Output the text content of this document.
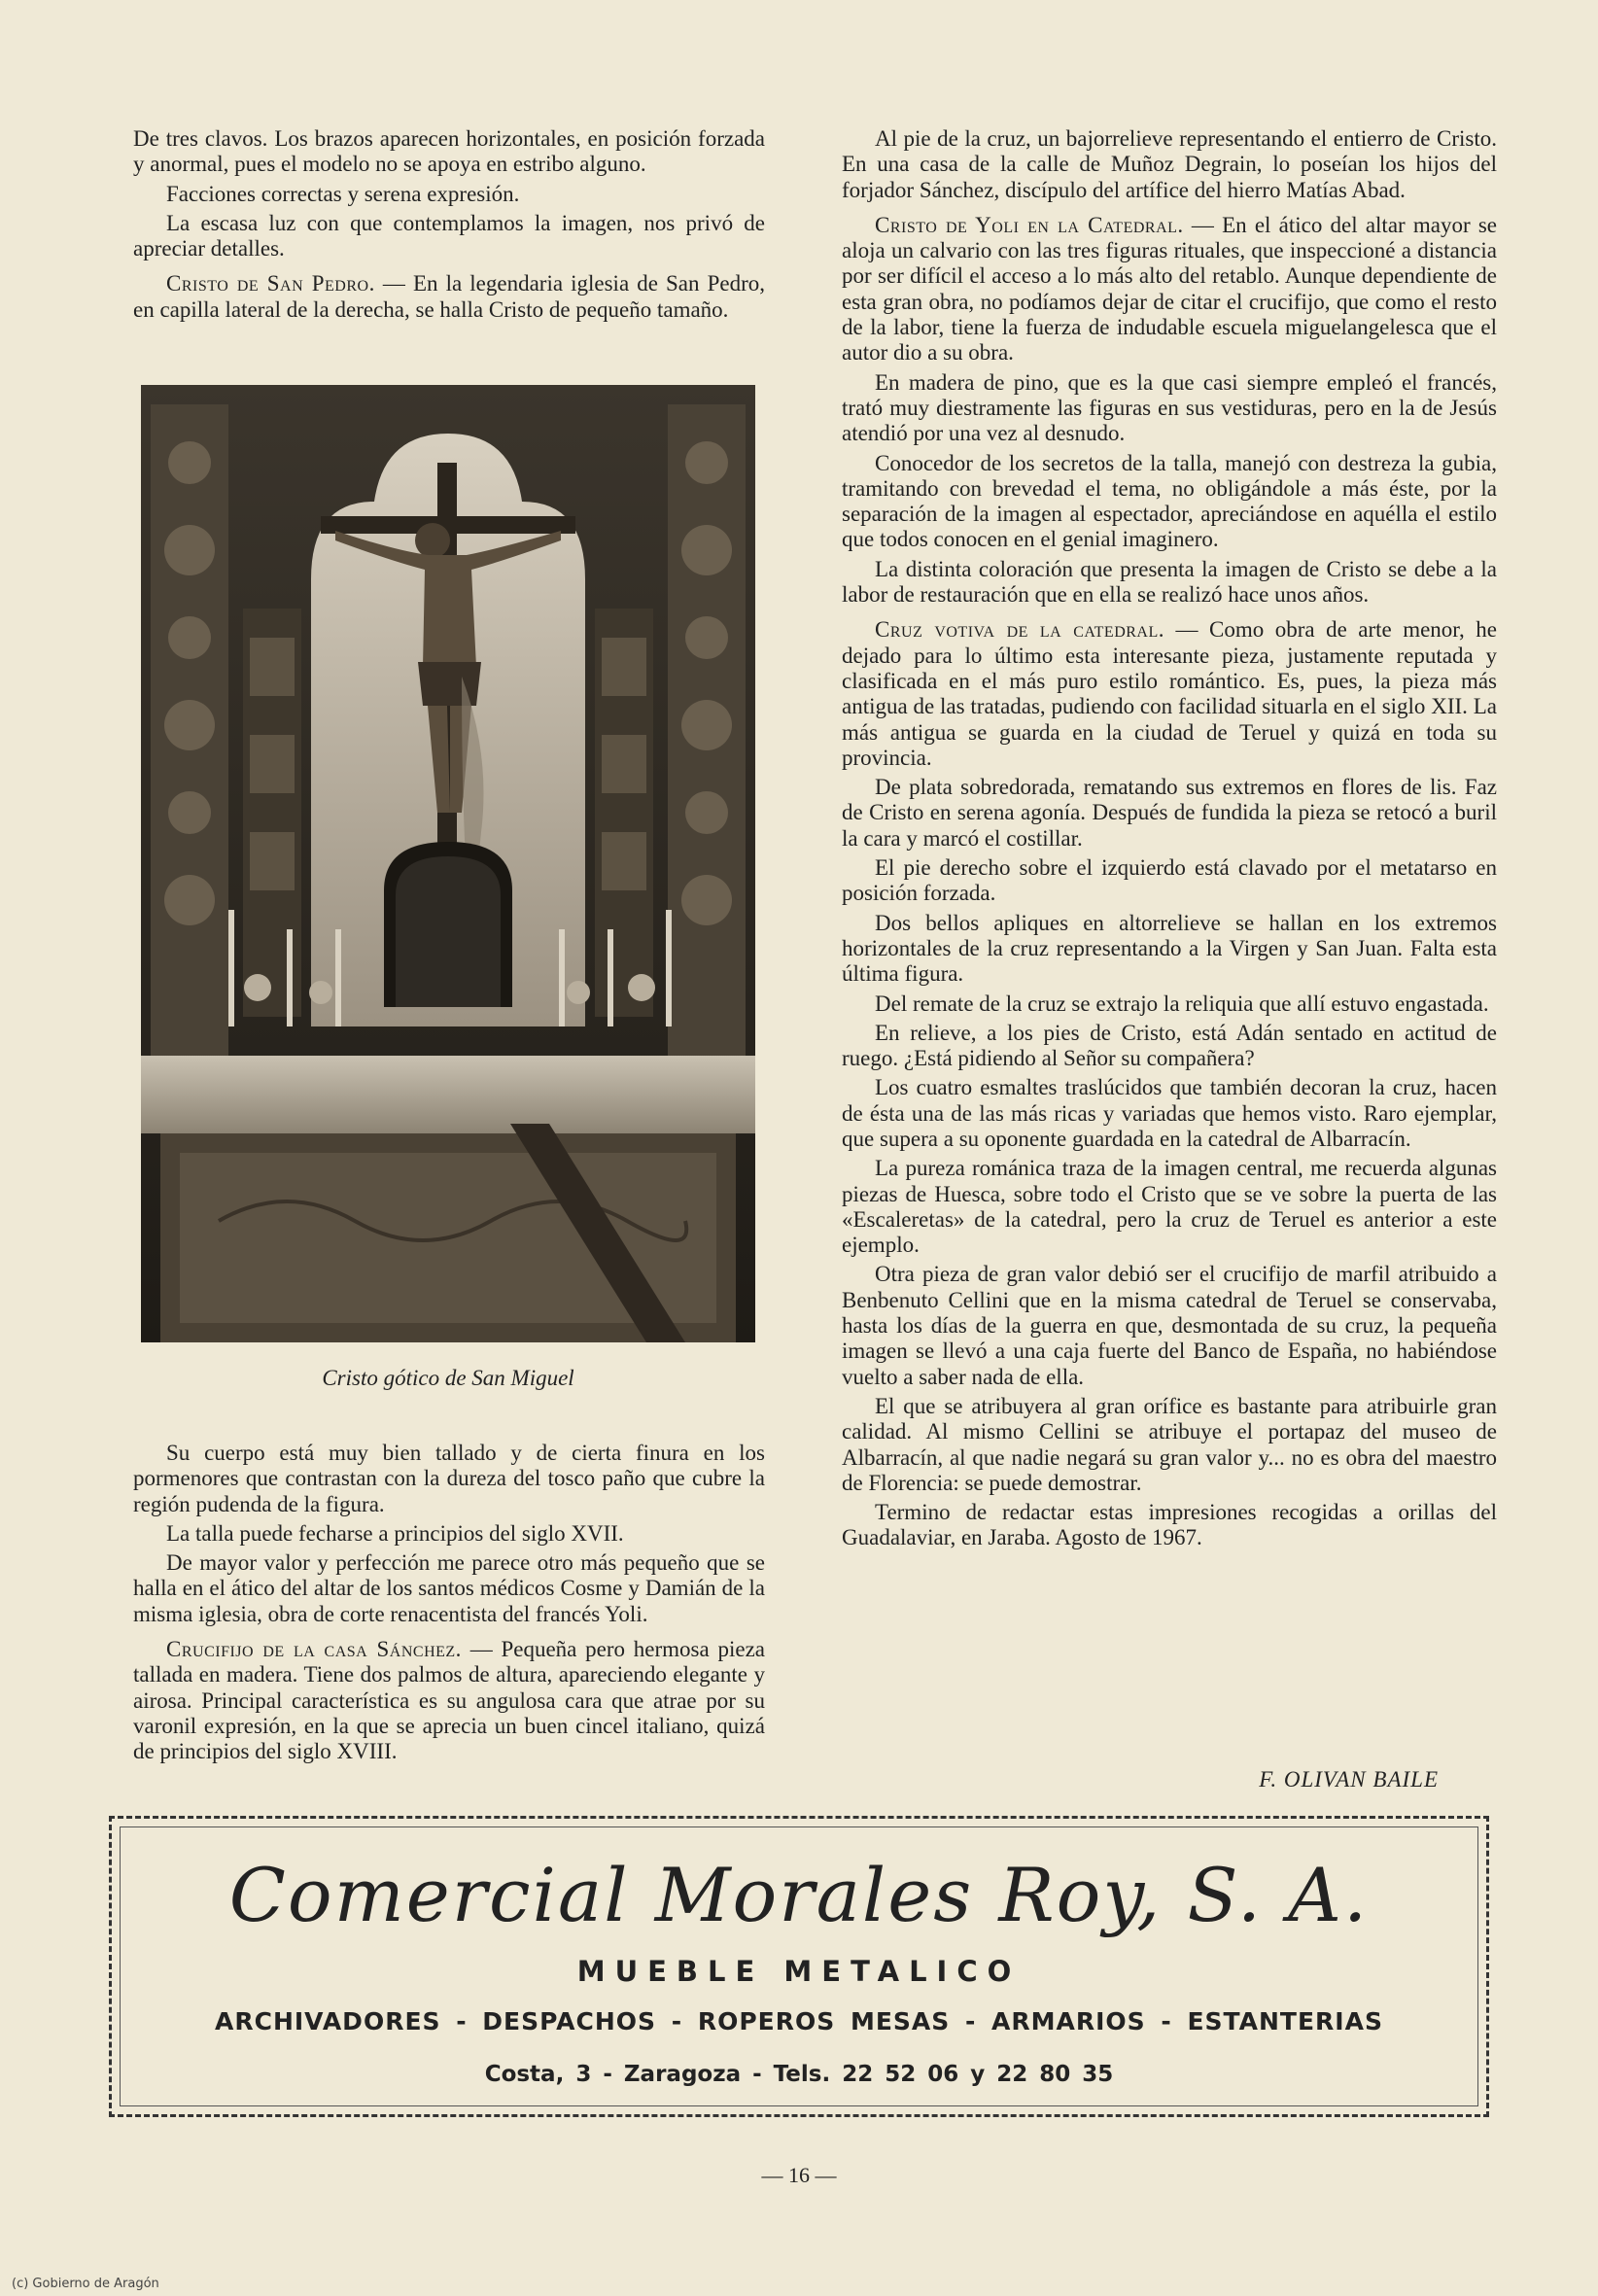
De tres clavos. Los brazos aparecen horizontales, en posición forzada y anormal, pues el modelo no se apoya en estribo alguno.

Facciones correctas y serena expresión.

La escasa luz con que contemplamos la imagen, nos privó de apreciar detalles.

Cristo de San Pedro. — En la legendaria iglesia de San Pedro, en capilla lateral de la derecha, se halla Cristo de pequeño tamaño.

Cristo gótico de San Miguel

Su cuerpo está muy bien tallado y de cierta finura en los pormenores que contrastan con la dureza del tosco paño que cubre la región pudenda de la figura.

La talla puede fecharse a principios del siglo XVII.

De mayor valor y perfección me parece otro más pequeño que se halla en el ático del altar de los santos médicos Cosme y Damián de la misma iglesia, obra de corte renacentista del francés Yoli.

Crucifijo de la casa Sánchez. — Pequeña pero hermosa pieza tallada en madera. Tiene dos palmos de altura, apareciendo elegante y airosa. Principal característica es su angulosa cara que atrae por su varonil expresión, en la que se aprecia un buen cincel italiano, quizá de principios del siglo XVIII.

Al pie de la cruz, un bajorrelieve representando el entierro de Cristo. En una casa de la calle de Muñoz Degrain, lo poseían los hijos del forjador Sánchez, discípulo del artífice del hierro Matías Abad.

Cristo de Yoli en la Catedral. — En el ático del altar mayor se aloja un calvario con las tres figuras rituales, que inspeccioné a distancia por ser difícil el acceso a lo más alto del retablo. Aunque dependiente de esta gran obra, no podíamos dejar de citar el crucifijo, que como el resto de la labor, tiene la fuerza de indudable escuela miguelangelesca que el autor dio a su obra.

En madera de pino, que es la que casi siempre empleó el francés, trató muy diestramente las figuras en sus vestiduras, pero en la de Jesús atendió por una vez al desnudo.

Conocedor de los secretos de la talla, manejó con destreza la gubia, tramitando con brevedad el tema, no obligándole a más éste, por la separación de la imagen al espectador, apreciándose en aquélla el estilo que todos conocen en el genial imaginero.

La distinta coloración que presenta la imagen de Cristo se debe a la labor de restauración que en ella se realizó hace unos años.

Cruz votiva de la catedral. — Como obra de arte menor, he dejado para lo último esta interesante pieza, justamente reputada y clasificada en el más puro estilo romántico. Es, pues, la pieza más antigua de las tratadas, pudiendo con facilidad situarla en el siglo XII. La más antigua se guarda en la ciudad de Teruel y quizá en toda su provincia.

De plata sobredorada, rematando sus extremos en flores de lis. Faz de Cristo en serena agonía. Después de fundida la pieza se retocó a buril la cara y marcó el costillar.

El pie derecho sobre el izquierdo está clavado por el metatarso en posición forzada.

Dos bellos apliques en altorrelieve se hallan en los extremos horizontales de la cruz representando a la Virgen y San Juan. Falta esta última figura.

Del remate de la cruz se extrajo la reliquia que allí estuvo engastada.

En relieve, a los pies de Cristo, está Adán sentado en actitud de ruego. ¿Está pidiendo al Señor su compañera?

Los cuatro esmaltes traslúcidos que también decoran la cruz, hacen de ésta una de las más ricas y variadas que hemos visto. Raro ejemplar, que supera a su oponente guardada en la catedral de Albarracín.

La pureza románica traza de la imagen central, me recuerda algunas piezas de Huesca, sobre todo el Cristo que se ve sobre la puerta de las «Escaleretas» de la catedral, pero la cruz de Teruel es anterior a este ejemplo.

Otra pieza de gran valor debió ser el crucifijo de marfil atribuido a Benbenuto Cellini que en la misma catedral de Teruel se conservaba, hasta los días de la guerra en que, desmontada de su cruz, la pequeña imagen se llevó a una caja fuerte del Banco de España, no habiéndose vuelto a saber nada de ella.

El que se atribuyera al gran orífice es bastante para atribuirle gran calidad. Al mismo Cellini se atribuye el portapaz del museo de Albarracín, al que nadie negará su gran valor y... no es obra del maestro de Florencia: se puede demostrar.

Termino de redactar estas impresiones recogidas a orillas del Guadalaviar, en Jaraba. Agosto de 1967.

F. OLIVAN BAILE
Comercial Morales Roy, S. A.
MUEBLE METALICO
ARCHIVADORES - DESPACHOS - ROPEROS MESAS - ARMARIOS - ESTANTERIAS
Costa, 3 - Zaragoza - Tels. 22 52 06 y 22 80 35
— 16 —
(c) Gobierno de Aragón
